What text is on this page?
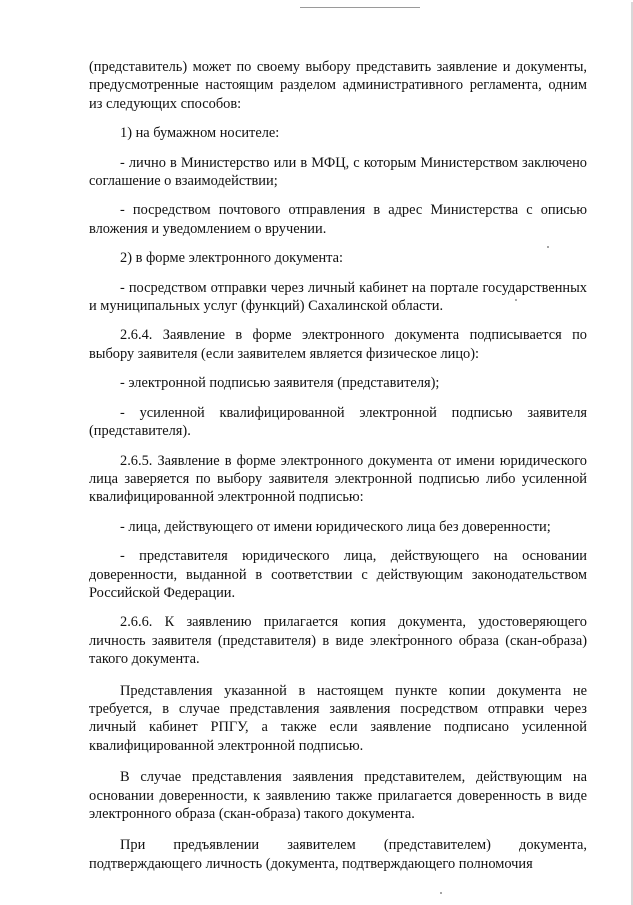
(представитель) может по своему выбору представить заявление и документы, предусмотренные настоящим разделом административного регламента, одним из следующих способов:

1) на бумажном носителе:

- лично в Министерство или в МФЦ, с которым Министерством заключено соглашение о взаимодействии;

- посредством почтового отправления в адрес Министерства с описью вложения и уведомлением о вручении.

2) в форме электронного документа:

- посредством отправки через личный кабинет на портале государственных и муниципальных услуг (функций) Сахалинской области.

2.6.4. Заявление в форме электронного документа подписывается по выбору заявителя (если заявителем является физическое лицо):

- электронной подписью заявителя (представителя);

- усиленной квалифицированной электронной подписью заявителя (представителя).

2.6.5. Заявление в форме электронного документа от имени юридического лица заверяется по выбору заявителя электронной подписью либо усиленной квалифицированной электронной подписью:

- лица, действующего от имени юридического лица без доверенности;

- представителя юридического лица, действующего на основании доверенности, выданной в соответствии с действующим законодательством Российской Федерации.

2.6.6. К заявлению прилагается копия документа, удостоверяющего личность заявителя (представителя) в виде электронного образа (скан-образа) такого документа.

Представления указанной в настоящем пункте копии документа не требуется, в случае представления заявления посредством отправки через личный кабинет РПГУ, а также если заявление подписано усиленной квалифицированной электронной подписью.

В случае представления заявления представителем, действующим на основании доверенности, к заявлению также прилагается доверенность в виде электронного образа (скан-образа) такого документа.

При предъявлении заявителем (представителем) документа, подтверждающего личность (документа, подтверждающего полномочия
